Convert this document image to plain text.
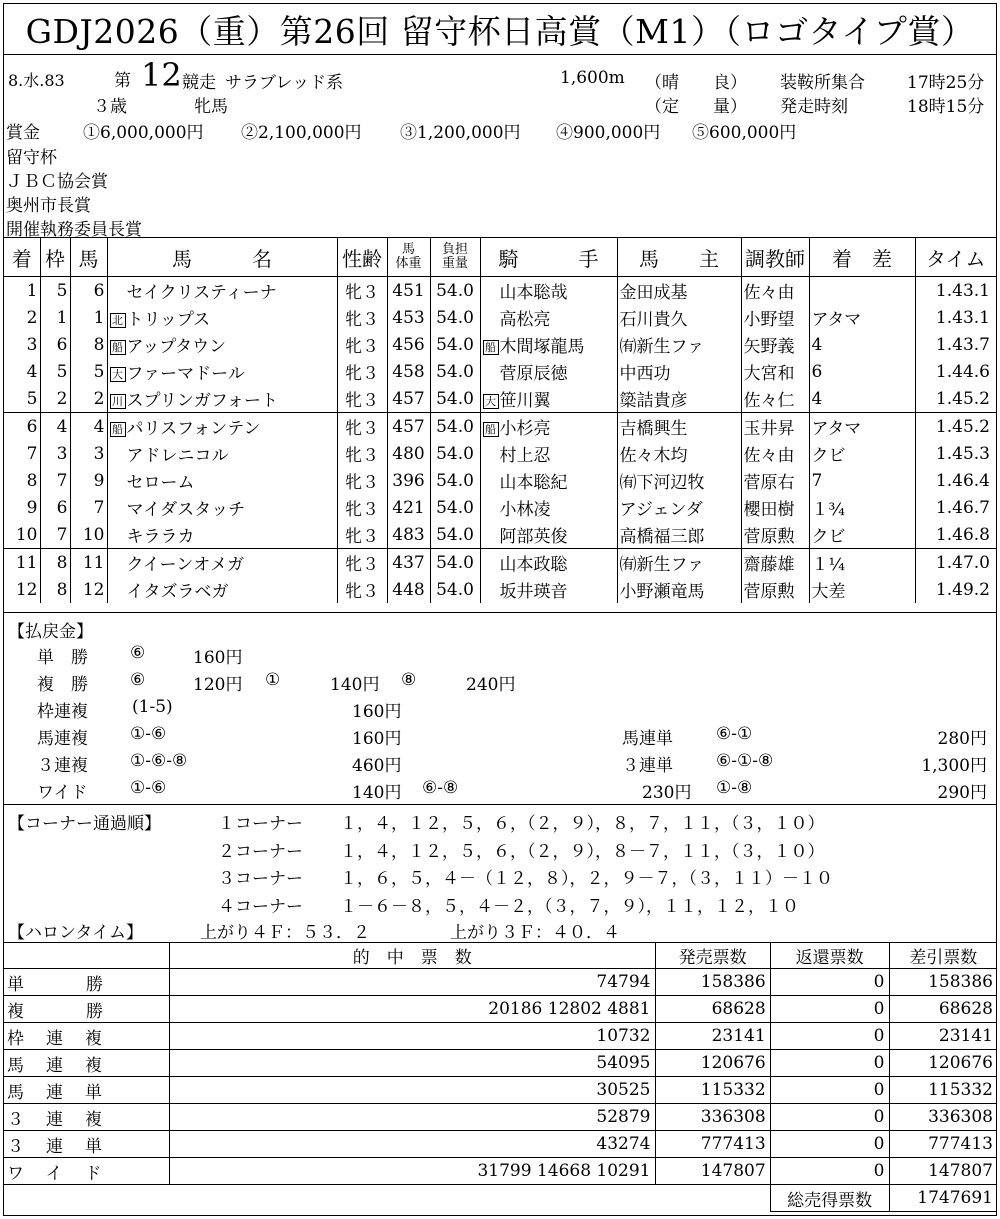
GDJ2026（重）第26回 留守杯日高賞（M1）（ロゴタイプ賞）
8.水.83	第 12 競走 サラブレッド系
３歳	牝馬
1,600m （晴　　良）
（定　　量）
装鞍所集合 17時25分
発走時刻	18時15分
賞金	①6,000,000円 ②2,100,000円 ③1,200,000円 ④900,000円 ⑤600,000円
留守杯
ＪＢＣ協会賞
奥州市長賞
開催執務委員長賞
着	枠	馬	馬　　　名	性齢	馬
体重	負担
重量	騎　　　手	馬　　主	調教師	着　差	タイム
1	5	6	セイクリスティーナ	牝３	451	54.0	山本聡哉	金田成基	佐々由		1.43.1
2	1	1	北 トリップス	牝３	453	54.0	高松亮	石川貴久	小野望	アタマ	1.43.1
3	6	8	船 アップタウン	牝３	456	54.0	船 木間塚龍馬	㈲新生ファ	矢野義	4	1.43.7
4	5	5	大 ファーマドール	牝３	458	54.0	菅原辰徳	中西功	大宮和	6	1.44.6
5	2	2	川 スプリンガフォート	牝３	457	54.0	大 笹川翼	簗詰貴彦	佐々仁	4	1.45.2
6	4	4	船 パリスフォンテン	牝３	457	54.0	船 小杉亮	吉橋興生	玉井昇	アタマ	1.45.2
7	3	3	アドレニコル	牝３	480	54.0	村上忍	佐々木均	佐々由	クビ	1.45.3
8	7	9	セローム	牝３	396	54.0	山本聡紀	㈲下河辺牧	菅原右	7	1.46.4
9	6	7	マイダスタッチ	牝３	421	54.0	小林凌	アジェンダ	櫻田樹	１¾	1.46.7
10	7	10	キララカ	牝３	483	54.0	阿部英俊	高橋福三郎	菅原勲	クビ	1.46.8
11	8	11	クイーンオメガ	牝３	437	54.0	山本政聡	㈲新生ファ	齋藤雄	１¼	1.47.0
12	8	12	イタズラベガ	牝３	448	54.0	坂井瑛音	小野瀬竜馬	菅原勲	大差	1.49.2
【払戻金】
単　勝 ⑥	160円
複　勝 ⑥	120円 ①	140円 ⑧	240円
枠連複	(1-5)	160円
馬連複 ①-⑥	160円	馬連単	⑥-①	280円
３連複 ①-⑥-⑧	460円	３連単	⑥-①-⑧	1,300円
ワイド	①-⑥	140円 ⑥-⑧	230円 ①-⑧	290円
【コーナー通過順】	１コーナー １，４，１２，５，６，（２，９），８，７，１１，（３，１０）
２コーナー １，４，１２，５，６，（２，９），８－７，１１，（３，１０）
３コーナー １，６，５，４－（１２，８），２，９－７，（３，１１）－１０
４コーナー １－６－８，５，４－２，（３，７，９），１１，１２，１０
【ハロンタイム】	上がり４Ｆ：５３．２	上がり３Ｆ：４０．４
	的　中　票　数	発売票数	返還票数	差引票数
単勝	74794	158386	0	158386
複勝	20186 12802 4881	68628	0	68628
枠連複	10732	23141	0	23141
馬連複	54095	120676	0	120676
馬連単	30525	115332	0	115332
３連複	52879	336308	0	336308
３連単	43274	777413	0	777413
ワイド	31799 14668 10291	147807	0	147807
			総売得票数	1747691
